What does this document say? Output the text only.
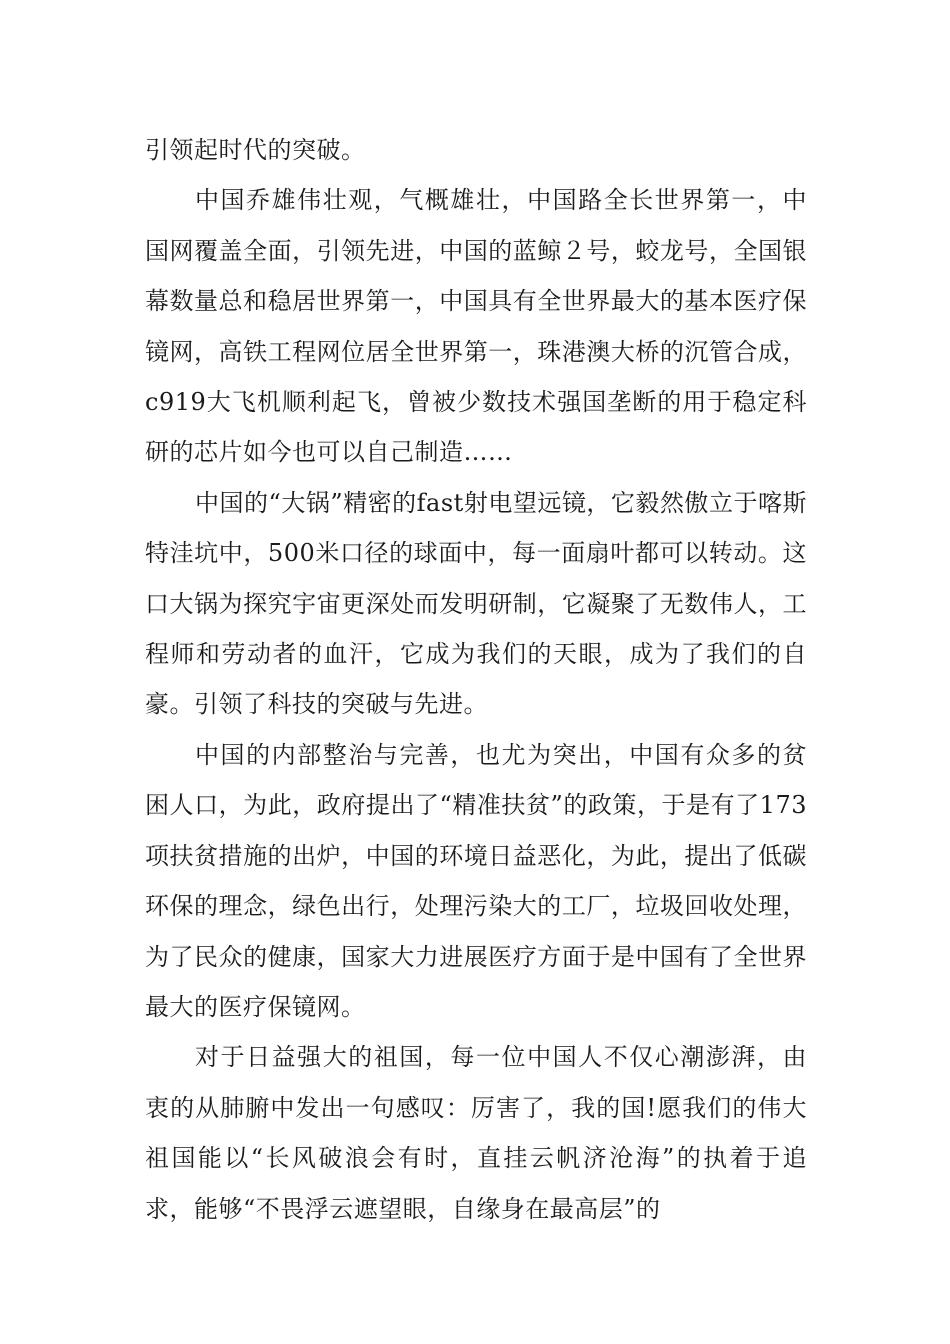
引领起时代的突破。

中国乔雄伟壮观，气概雄壮，中国路全长世界第一，中国网覆盖全面，引领先进，中国的蓝鲸２号，蛟龙号，全国银幕数量总和稳居世界第一，中国具有全世界最大的基本医疗保镜网，高铁工程网位居全世界第一，珠港澳大桥的沉管合成，c919大飞机顺利起飞，曾被少数技术强国垄断的用于稳定科研的芯片如今也可以自己制造……

中国的“大锅”精密的fast射电望远镜，它毅然傲立于喀斯特洼坑中，500米口径的球面中，每一面扇叶都可以转动。这口大锅为探究宇宙更深处而发明研制，它凝聚了无数伟人，工程师和劳动者的血汗，它成为我们的天眼，成为了我们的自豪。引领了科技的突破与先进。

中国的内部整治与完善，也尤为突出，中国有众多的贫困人口，为此，政府提出了“精准扶贫”的政策，于是有了173项扶贫措施的出炉，中国的环境日益恶化，为此，提出了低碳环保的理念，绿色出行，处理污染大的工厂，垃圾回收处理，为了民众的健康，国家大力进展医疗方面于是中国有了全世界最大的医疗保镜网。

对于日益强大的祖国，每一位中国人不仅心潮澎湃，由衷的从肺腑中发出一句感叹：厉害了，我的国!愿我们的伟大祖国能以“长风破浪会有时，直挂云帆济沧海”的执着于追求，能够“不畏浮云遮望眼，自缘身在最高层”的
